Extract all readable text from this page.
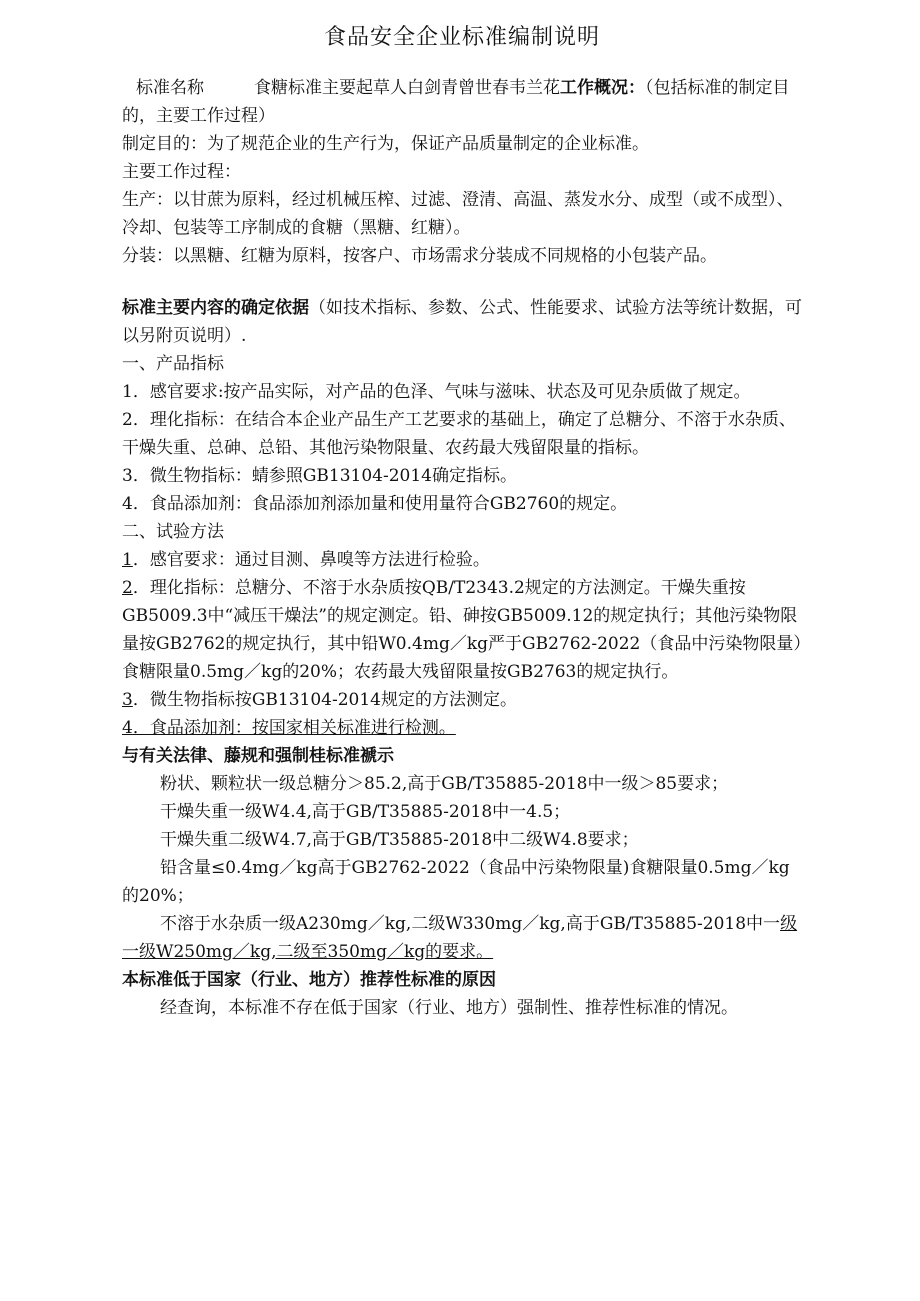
食品安全企业标准编制说明

标准名称	食糖标准主要起草人白剑青曾世春韦兰花工作概况：（包括标准的制定目的，主要工作过程）

制定目的：为了规范企业的生产行为，保证产品质量制定的企业标准。

主要工作过程：

生产：以甘蔗为原料，经过机械压榨、过滤、澄清、高温、蒸发水分、成型（或不成型）、冷却、包装等工序制成的食糖（黑糖、红糖）。

分装：以黑糖、红糖为原料，按客户、市场需求分装成不同规格的小包装产品。

标准主要内容的确定依据（如技术指标、参数、公式、性能要求、试验方法等统计数据，可以另附页说明）.

一、产品指标

1．感官要求:按产品实际，对产品的色泽、气味与滋味、状态及可见杂质做了规定。

2．理化指标：在结合本企业产品生产工艺要求的基础上，确定了总糖分、不溶于水杂质、干燥失重、总砷、总铅、其他污染物限量、农药最大残留限量的指标。

3．微生物指标：蜻参照GB13104-2014确定指标。

4．食品添加剂：食品添加剂添加量和使用量符合GB2760的规定。

二、试验方法

1．感官要求：通过目测、鼻嗅等方法进行检验。

2．理化指标：总糖分、不溶于水杂质按QB/T2343.2规定的方法测定。干燥失重按GB5009.3中“减压干燥法”的规定测定。铅、砷按GB5009.12的规定执行；其他污染物限量按GB2762的规定执行，其中铅W0.4mg／kg严于GB2762-2022（食品中污染物限量）食糖限量0.5mg／kg的20%；农药最大残留限量按GB2763的规定执行。

3．微生物指标按GB13104-2014规定的方法测定。

4．食品添加剂：按国家相关标准进行检测。

与有关法律、藤规和强制桂标准褫示

粉状、颗粒状一级总糖分＞85.2,高于GB/T35885-2018中一级＞85要求；

干燥失重一级W4.4,高于GB/T35885-2018中一4.5；

干燥失重二级W4.7,高于GB/T35885-2018中二级W4.8要求；

铅含量≤0.4mg／kg高于GB2762-2022（食品中污染物限量)食糖限量0.5mg／kg的20%；

不溶于水杂质一级A230mg／kg,二级W330mg／kg,高于GB/T35885-2018中一级一级W250mg／kg,二级至350mg／kg的要求。

本标准低于国家（行业、地方）推荐性标准的原因

经查询，本标准不存在低于国家（行业、地方）强制性、推荐性标准的情况。
